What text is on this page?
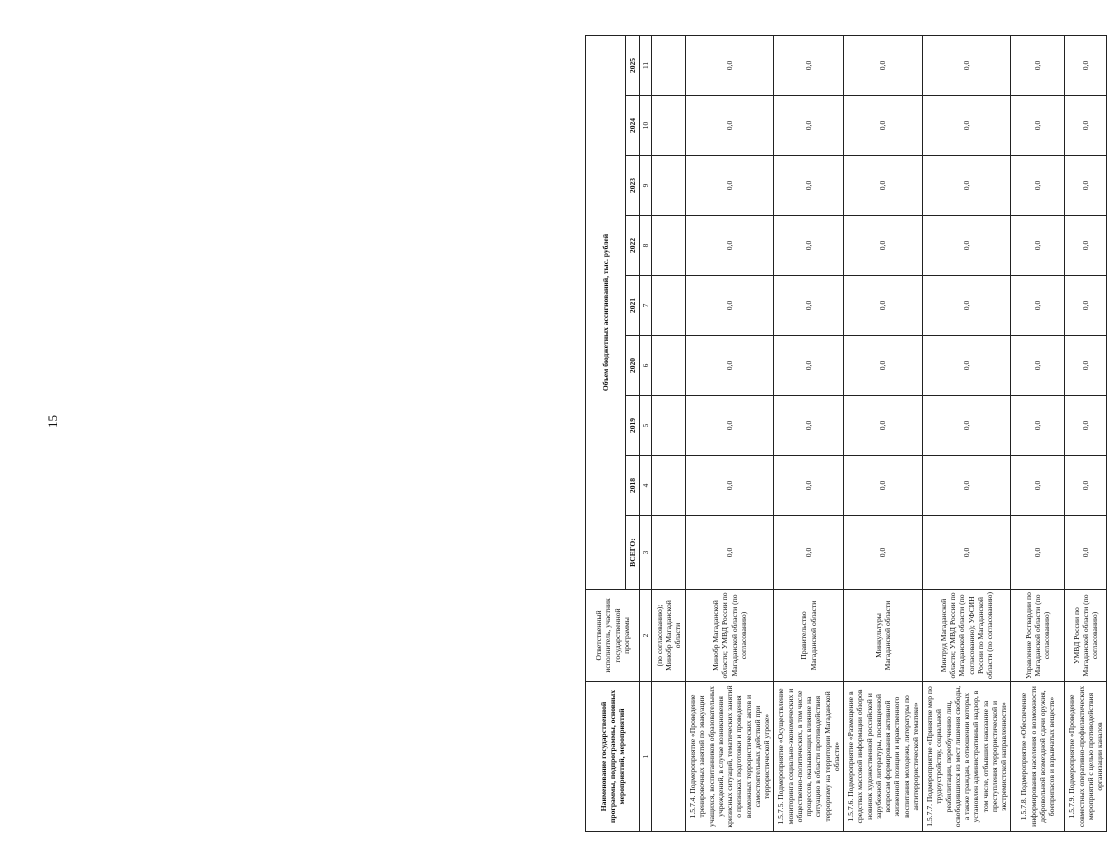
15
Наименование государственной программы, подпрограммы, основных мероприятий, мероприятий	Ответственный исполнитель, участник государственной программы	Объем бюджетных ассигнований, тыс. рублей								
		ВСЕГО:	2018	2019	2020	2021	2022	2023	2024	2025
1	2	3	4	5	6	7	8	9	10	11
	(по согласованию); Минобр Магаданской области									
1.5.7.4. Подмероприятие «Проведение тренировочных занятий по эвакуации учащихся, воспитанников образовательных учреждений, в случае возникновения кризисных ситуаций, тематических занятий о признаках подготовки и проведения возможных террористических актов и самостоятельных действий при террористической угрозе»	Минобр Магаданской области; УМВД России по Магаданской области (по согласованию)	0,0	0,0	0,0	0,0	0,0	0,0	0,0	0,0	0,0
1.5.7.5. Подмероприятие «Осуществление мониторинга социально-экономических и общественно-политических, в том числе процессов, оказывающих влияние на ситуацию в области противодействия терроризму на территории Магаданской области»	Правительство Магаданской области	0,0	0,0	0,0	0,0	0,0	0,0	0,0	0,0	0,0
1.5.7.6. Подмероприятие «Размещение в средствах массовой информации обзоров новинок художественной российской и зарубежной литературы, посвященной вопросам формирования активной жизненной позиции и нравственного воспитания молодежи, литературы по антитеррористической тематике»	Минкультуры Магаданской области	0,0	0,0	0,0	0,0	0,0	0,0	0,0	0,0	0,0
1.5.7.7. Подмероприятие «Принятие мер по трудоустройству, социальной реабилитации, переобучению лиц, освободившихся из мест лишения свободы, а также граждан, в отношении которых установлен административный надзор, в том числе, отбывших наказание за преступления террористической и экстремистской направленности»	Минтруд Магаданской области; УМВД России по Магаданской области (по согласованию); УФСИН России по Магаданской области (по согласованию)	0,0	0,0	0,0	0,0	0,0	0,0	0,0	0,0	0,0
1.5.7.8. Подмероприятие «Обеспечение информирования населения о возможности добровольной возмездной сдачи оружия, боеприпасов и взрывчатых веществ»	Управление Росгвардии по Магаданской области (по согласованию)	0,0	0,0	0,0	0,0	0,0	0,0	0,0	0,0	0,0
1.5.7.9. Подмероприятие «Проведение совместных оперативно-профилактических мероприятий с целью противодействия организации каналов	УМВД России по Магаданской области (по согласованию)	0,0	0,0	0,0	0,0	0,0	0,0	0,0	0,0	0,0
